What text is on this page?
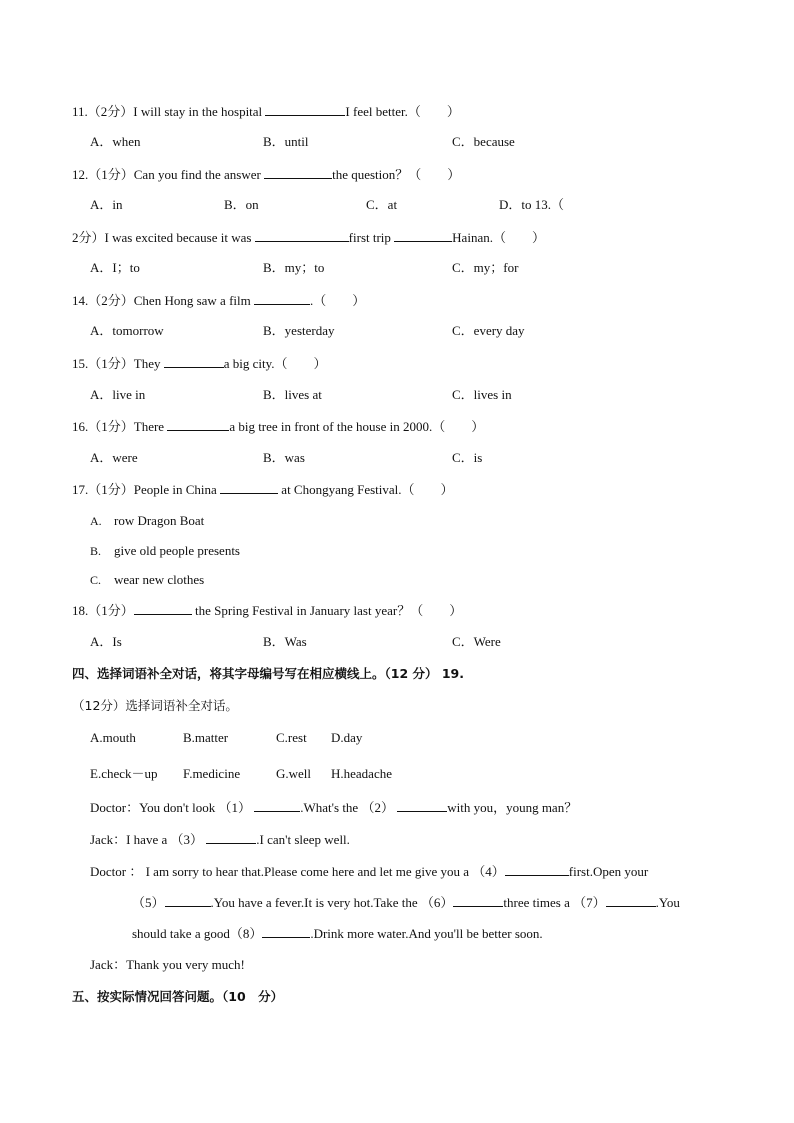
11.（2分）I will stay in the hospital	I feel better.（　　）
A．when	B．until	C．because
12.（1分）Can you find the answer	the question？（　　）
A．in	B．on	C．at	D．to 13.（
2分）I was excited because it was	first trip	Hainan.（　　）
A．I；to	B．my；to	C．my；for
14.（2分）Chen Hong saw a film	.（　　）
A．tomorrow	B．yesterday	C．every day
15.（1分）They	a big city.（　　）
A．live in	B．lives at	C．lives in
16.（1分）There	a big tree in front of the house in 2000.（　　）
A．were	B．was	C．is
17.（1分）People in China	at Chongyang Festival.（　　）
A. row Dragon Boat
B. give old people presents
C. wear new clothes
18.（1分）	the Spring Festival in January last year？（　　）
A．Is	B．Was	C．Were
四、选择词语补全对话，将其字母编号写在相应横线上。（12 分） 19.
（12分）选择词语补全对话。
A.mouth	B.matter	C.rest D.day
E.check－up F.medicine	G.well H.headache
Doctor：You don't look （1）	.What's the （2）	with you，young man？
Jack：I have a （3）	.I can't sleep well.
Doctor ： I am sorry to hear that.Please come here and let me give you a （4）	first.Open your
（5）	.You have a fever.It is very hot.Take the （6）	three times a （7）	.You
should take a good（8）	.Drink more water.And you'll be better soon.
Jack：Thank you very much!
五、按实际情况回答问题。（10　分）
